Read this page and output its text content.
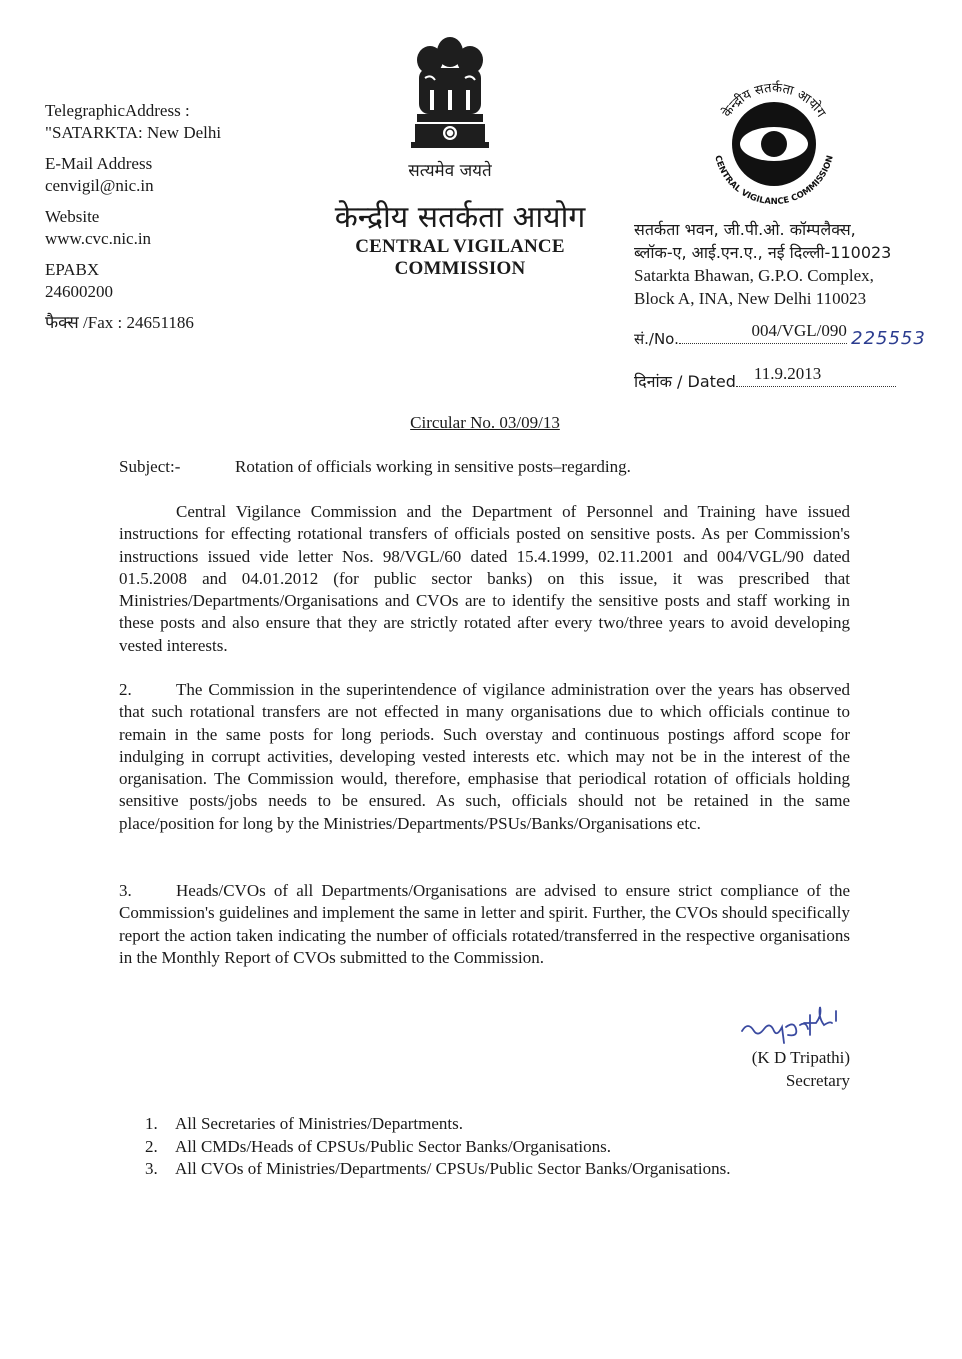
TelegraphicAddress :
"SATARKTA: New Delhi
E-Mail Address
cenvigil@nic.in
Website
www.cvc.nic.in
EPABX
24600200
फैक्स /Fax : 24651186
सत्यमेव जयते
केन्द्रीय सतर्कता आयोग
CENTRAL VIGILANCE COMMISSION
केन्द्रीय सतर्कता आयोग
CENTRAL VIGILANCE COMMISSION
सतर्कता भवन, जी.पी.ओ. कॉम्पलैक्स,
ब्लॉक-ए, आई.एन.ए., नई दिल्ली-110023
Satarkta Bhawan, G.P.O. Complex,
Block A, INA, New Delhi 110023
सं./No.	004/VGL/090 225553
दिनांक / Dated	11.9.2013
Circular No. 03/09/13
Subject:-	Rotation of officials working in sensitive posts–regarding.
Central Vigilance Commission and the Department of Personnel and Training have issued instructions for effecting rotational transfers of officials posted on sensitive posts. As per Commission's instructions issued vide letter Nos. 98/VGL/60 dated 15.4.1999, 02.11.2001 and 004/VGL/90 dated 01.5.2008 and 04.01.2012 (for public sector banks) on this issue, it was prescribed that Ministries/Departments/Organisations and CVOs are to identify the sensitive posts and staff working in these posts and also ensure that they are strictly rotated after every two/three years to avoid developing vested interests.
2.	The Commission in the superintendence of vigilance administration over the years has observed that such rotational transfers are not effected in many organisations due to which officials continue to remain in the same posts for long periods. Such overstay and continuous postings afford scope for indulging in corrupt activities, developing vested interests etc. which may not be in the interest of the organisation. The Commission would, therefore, emphasise that periodical rotation of officials holding sensitive posts/jobs needs to be ensured. As such, officials should not be retained in the same place/position for long by the Ministries/Departments/PSUs/Banks/Organisations etc.
3.	Heads/CVOs of all Departments/Organisations are advised to ensure strict compliance of the Commission's guidelines and implement the same in letter and spirit. Further, the CVOs should specifically report the action taken indicating the number of officials rotated/transferred in the respective organisations in the Monthly Report of CVOs submitted to the Commission.
(K D Tripathi)
Secretary
1. All Secretaries of Ministries/Departments.
2. All CMDs/Heads of CPSUs/Public Sector Banks/Organisations.
3. All CVOs of Ministries/Departments/ CPSUs/Public Sector Banks/Organisations.
